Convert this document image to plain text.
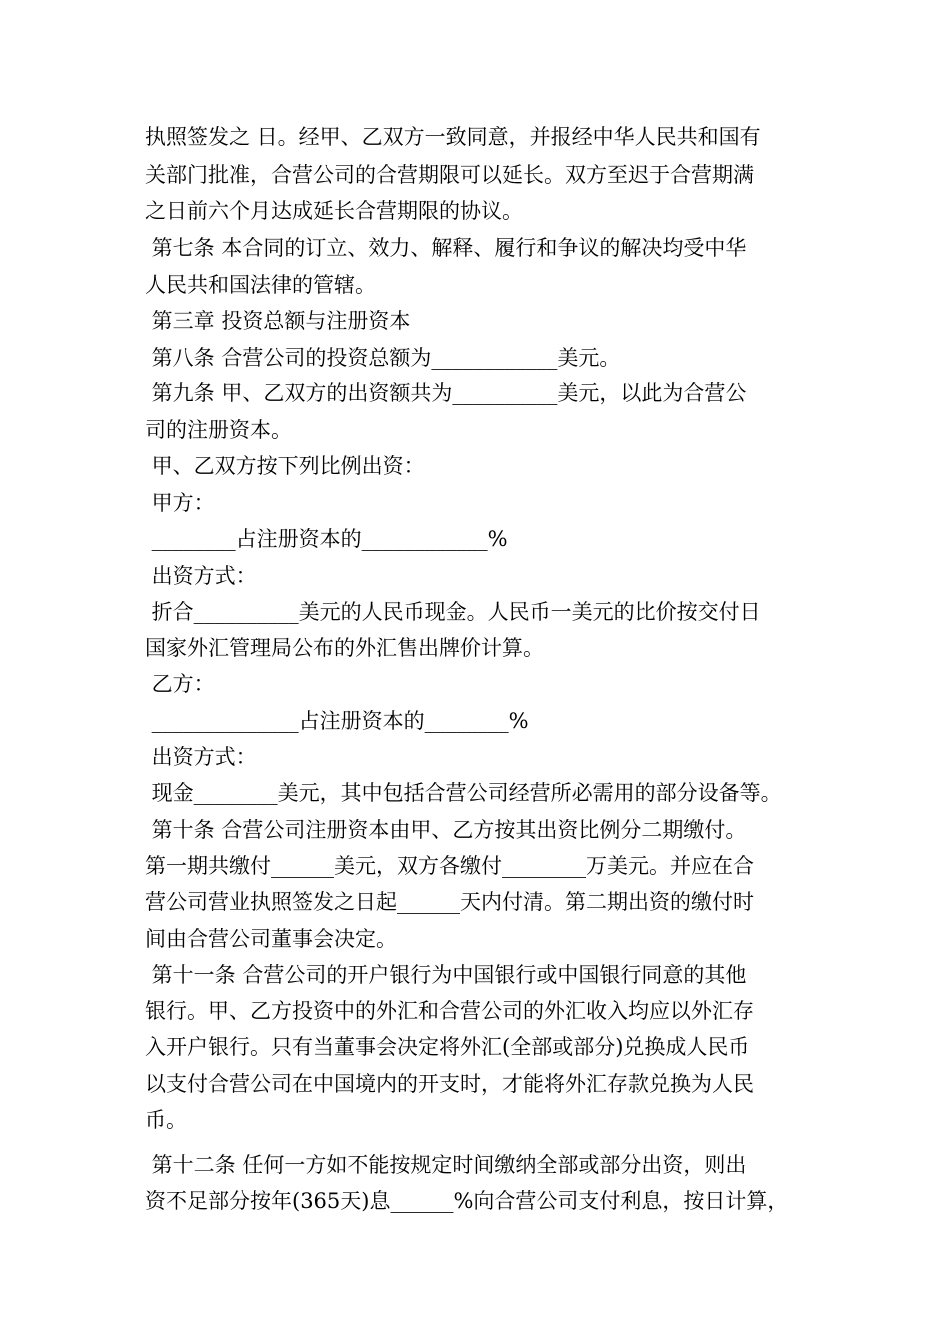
执照签发之 日。经甲、乙双方一致同意，并报经中华人民共和国有
关部门批准，合营公司的合营期限可以延长。双方至迟于合营期满
之日前六个月达成延长合营期限的协议。
第七条 本合同的订立、效力、解释、履行和争议的解决均受中华
人民共和国法律的管辖。
第三章 投资总额与注册资本
第八条 合营公司的投资总额为____________美元。
第九条 甲、乙双方的出资额共为__________美元，以此为合营公
司的注册资本。
甲、乙双方按下列比例出资：
甲方：
________占注册资本的____________%
出资方式：
折合__________美元的人民币现金。人民币一美元的比价按交付日
国家外汇管理局公布的外汇售出牌价计算。
乙方：
______________占注册资本的________%
出资方式：
现金________美元，其中包括合营公司经营所必需用的部分设备等。
第十条 合营公司注册资本由甲、乙方按其出资比例分二期缴付。
第一期共缴付______美元，双方各缴付________万美元。并应在合
营公司营业执照签发之日起______天内付清。第二期出资的缴付时
间由合营公司董事会决定。
第十一条 合营公司的开户银行为中国银行或中国银行同意的其他
银行。甲、乙方投资中的外汇和合营公司的外汇收入均应以外汇存
入开户银行。只有当董事会决定将外汇(全部或部分)兑换成人民币
以支付合营公司在中国境内的开支时，才能将外汇存款兑换为人民
币。
第十二条 任何一方如不能按规定时间缴纳全部或部分出资，则出
资不足部分按年(365天)息______%向合营公司支付利息，按日计算，
